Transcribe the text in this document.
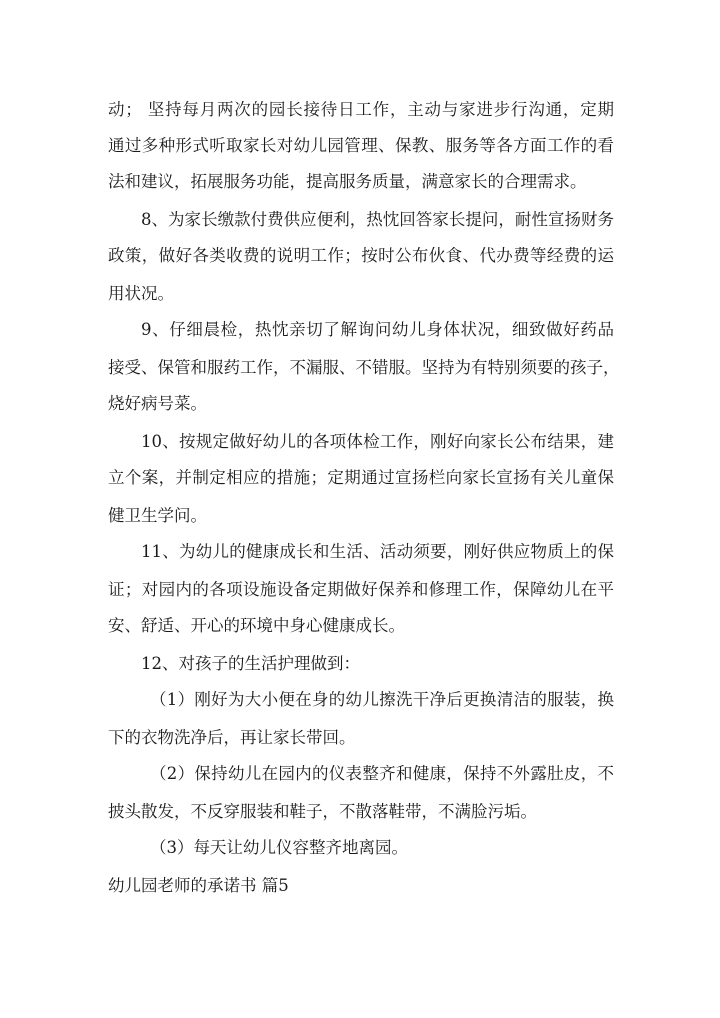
动； 坚持每月两次的园长接待日工作，主动与家进步行沟通，定期
通过多种形式听取家长对幼儿园管理、保教、服务等各方面工作的看
法和建议，拓展服务功能，提高服务质量，满意家长的合理需求。
8、为家长缴款付费供应便利，热忱回答家长提问，耐性宣扬财务
政策，做好各类收费的说明工作；按时公布伙食、代办费等经费的运
用状况。
9、仔细晨检，热忱亲切了解询问幼儿身体状况，细致做好药品
接受、保管和服药工作，不漏服、不错服。坚持为有特别须要的孩子，
烧好病号菜。
10、按规定做好幼儿的各项体检工作，刚好向家长公布结果，建
立个案，并制定相应的措施；定期通过宣扬栏向家长宣扬有关儿童保
健卫生学问。
11、为幼儿的健康成长和生活、活动须要，刚好供应物质上的保
证；对园内的各项设施设备定期做好保养和修理工作，保障幼儿在平
安、舒适、开心的环境中身心健康成长。
12、对孩子的生活护理做到：
（1）刚好为大小便在身的幼儿擦洗干净后更换清洁的服装，换
下的衣物洗净后，再让家长带回。
（2）保持幼儿在园内的仪表整齐和健康，保持不外露肚皮，不
披头散发，不反穿服装和鞋子，不散落鞋带，不满脸污垢。
（3）每天让幼儿仪容整齐地离园。
幼儿园老师的承诺书 篇5
